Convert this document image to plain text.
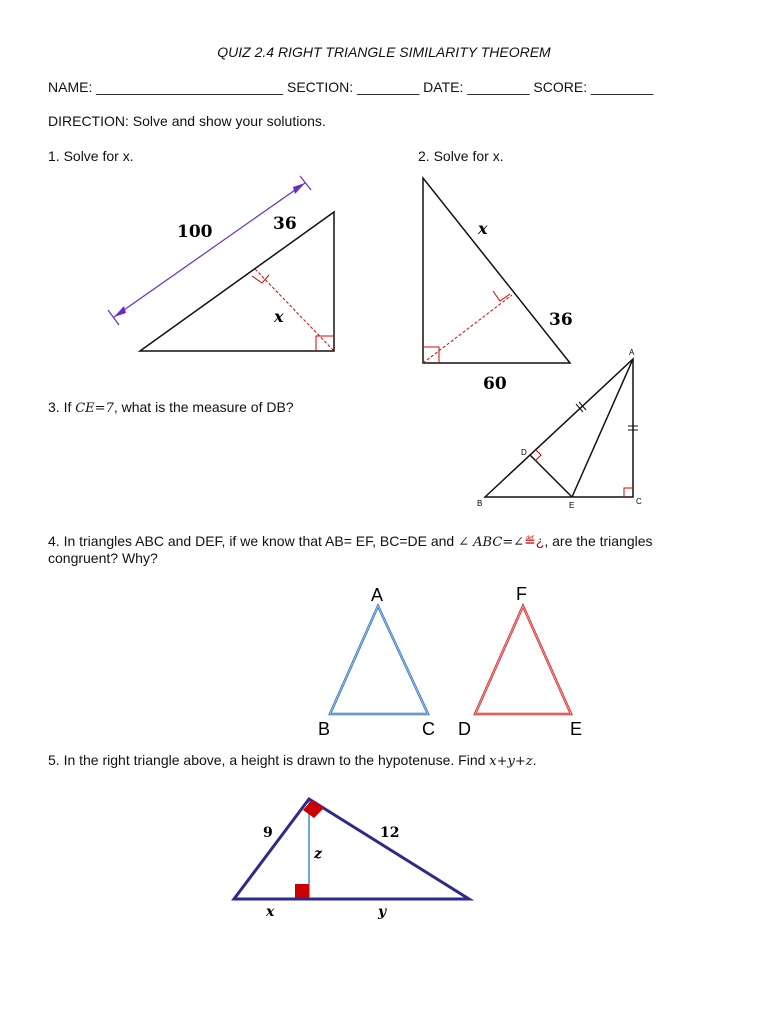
QUIZ 2.4 RIGHT TRIANGLE SIMILARITY THEOREM
NAME: ________________________ SECTION: ________ DATE: ________ SCORE: ________
DIRECTION: Solve and show your solutions.
1. Solve for x.	2. Solve for x.
3. If CE=7, what is the measure of DB?
4. In triangles ABC and DEF, if we know that AB= EF, BC=DE and ∠ ABC=∠≝¿, are the triangles
congruent? Why?
5. In the right triangle above, a height is drawn to the hypotenuse. Find x+y+z.
100	36
x
x
36
60
A
B	C
D
E
A
B	C D	E
F
9	12
z
x	y
